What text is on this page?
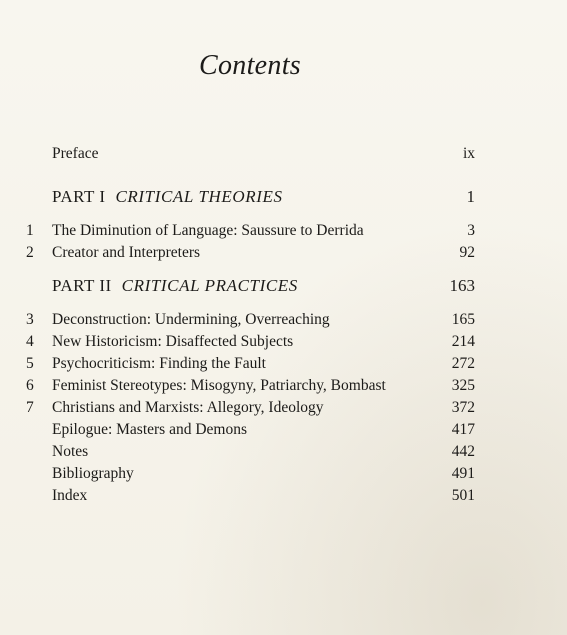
Contents
Preface	ix
PART I CRITICAL THEORIES	1
1	The Diminution of Language: Saussure to Derrida	3
2	Creator and Interpreters	92
PART II CRITICAL PRACTICES	163
3	Deconstruction: Undermining, Overreaching	165
4	New Historicism: Disaffected Subjects	214
5	Psychocriticism: Finding the Fault	272
6	Feminist Stereotypes: Misogyny, Patriarchy, Bombast	325
7	Christians and Marxists: Allegory, Ideology	372
Epilogue: Masters and Demons	417
Notes	442
Bibliography	491
Index	501
